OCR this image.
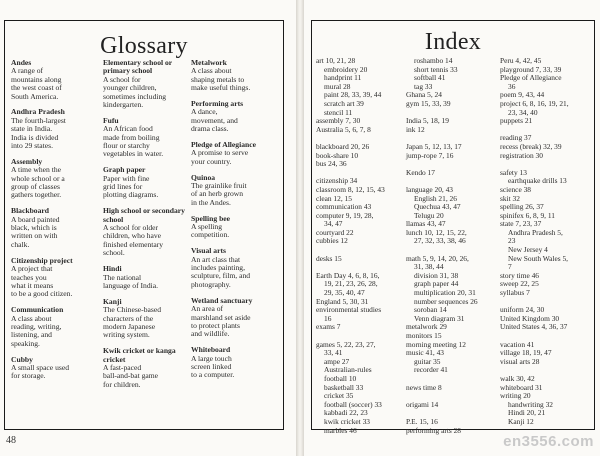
Glossary
Andes
A range of
mountains along
the west coast of
South America.
Andhra Pradesh
The fourth-largest
state in India.
India is divided
into 29 states.
Assembly
A time when the
whole school or a
group of classes
gathers together.
Blackboard
A board painted
black, which is
written on with
chalk.
Citizenship project
A project that
teaches you
what it means
to be a good citizen.
Communication
A class about
reading, writing,
listening, and
speaking.
Cubby
A small space used
for storage.
Elementary school or primary school
A school for
younger children,
sometimes including
kindergarten.
Fufu
An African food
made from boiling
flour or starchy
vegetables in water.
Graph paper
Paper with fine
grid lines for
plotting diagrams.
High school or secondary school
A school for older
children, who have
finished elementary
school.
Hindi
The national
language of India.
Kanji
The Chinese-based
characters of the
modern Japanese
writing system.
Kwik cricket or kanga cricket
A fast-paced
ball-and-bat game
for children.
Metalwork
A class about
shaping metals to
make useful things.
Performing arts
A dance,
movement, and
drama class.
Pledge of Allegiance
A promise to serve
your country.
Quinoa
The grainlike fruit
of an herb grown
in the Andes.
Spelling bee
A spelling
competition.
Visual arts
An art class that
includes painting,
sculpture, film, and
photography.
Wetland sanctuary
An area of
marshland set aside
to protect plants
and wildlife.
Whiteboard
A large touch
screen linked
to a computer.
48
Index
art 10, 21, 28
embroidery 20
handprint 11
mural 28
paint 28, 33, 39, 44
scratch art 39
stencil 11
assembly 7, 30
Australia 5, 6, 7, 8
blackboard 20, 26
book-share 10
bus 24, 36
citizenship 34
classroom 8, 12, 15, 43
clean 12, 15
communication 43
computer 9, 19, 28,
34, 47
courtyard 22
cubbies 12
desks 15
Earth Day 4, 6, 8, 16,
19, 21, 23, 26, 28,
29, 35, 40, 47
England 5, 30, 31
environmental studies
16
exams 7
games 5, 22, 23, 27,
33, 41
ampe 27
Australian-rules
football 10
basketball 33
cricket 35
football (soccer) 33
kabbadi 22, 23
kwik cricket 33
marbles 46
roshambo 14
short tennis 33
softball 41
tag 33
Ghana 5, 24
gym 15, 33, 39
India 5, 18, 19
ink 12
Japan 5, 12, 13, 17
jump-rope 7, 16
Kendo 17
language 20, 43
English 21, 26
Quechua 43, 47
Telugu 20
llamas 43, 47
lunch 10, 12, 15, 22,
27, 32, 33, 38, 46
math 5, 9, 14, 20, 26,
31, 38, 44
division 31, 38
graph paper 44
multiplication 20, 31
number sequences 26
soroban 14
Venn diagram 31
metalwork 29
monitors 15
morning meeting 12
music 41, 43
guitar 35
recorder 41
news time 8
origami 14
P.E. 15, 16
performing arts 28
Peru 4, 42, 45
playground 7, 33, 39
Pledge of Allegiance
36
poem 9, 43, 44
project 6, 8, 16, 19, 21,
23, 34, 40
puppets 21
reading 37
recess (break) 32, 39
registration 30
safety 13
earthquake drills 13
science 38
skit 32
spelling 26, 37
spinifex 6, 8, 9, 11
state 7, 23, 37
Andhra Pradesh 5,
23
New Jersey 4
New South Wales 5,
7
story time 46
sweep 22, 25
syllabus 7
uniform 24, 30
United Kingdom 30
United States 4, 36, 37
vacation 41
village 18, 19, 47
visual arts 28
walk 30, 42
whiteboard 31
writing 20
handwriting 32
Hindi 20, 21
Kanji 12
en3556.com
